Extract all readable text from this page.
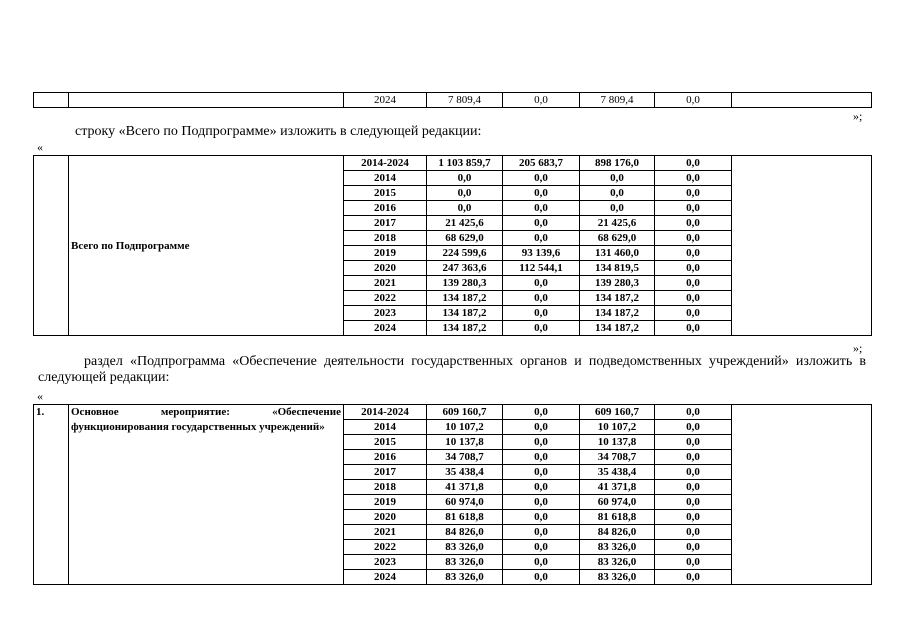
		2024	7 809,4	0,0	7 809,4	0,0	
»;
строку «Всего по Подпрограмме» изложить в следующей редакции:
«
	Всего по Подпрограмме	2014-2024	1 103 859,7	205 683,7	898 176,0	0,0	
		2014	0,0	0,0	0,0	0,0	
		2015	0,0	0,0	0,0	0,0	
		2016	0,0	0,0	0,0	0,0	
		2017	21 425,6	0,0	21 425,6	0,0	
		2018	68 629,0	0,0	68 629,0	0,0	
		2019	224 599,6	93 139,6	131 460,0	0,0	
		2020	247 363,6	112 544,1	134 819,5	0,0	
		2021	139 280,3	0,0	139 280,3	0,0	
		2022	134 187,2	0,0	134 187,2	0,0	
		2023	134 187,2	0,0	134 187,2	0,0	
		2024	134 187,2	0,0	134 187,2	0,0	
»;
раздел «Подпрограмма «Обеспечение деятельности государственных органов и подведомственных учреждений» изложить в следующей редакции:
«
1.	Основное мероприятие: «Обеспечение функционирования государственных учреждений»	2014-2024	609 160,7	0,0	609 160,7	0,0	
		2014	10 107,2	0,0	10 107,2	0,0	
		2015	10 137,8	0,0	10 137,8	0,0	
		2016	34 708,7	0,0	34 708,7	0,0	
		2017	35 438,4	0,0	35 438,4	0,0	
		2018	41 371,8	0,0	41 371,8	0,0	
		2019	60 974,0	0,0	60 974,0	0,0	
		2020	81 618,8	0,0	81 618,8	0,0	
		2021	84 826,0	0,0	84 826,0	0,0	
		2022	83 326,0	0,0	83 326,0	0,0	
		2023	83 326,0	0,0	83 326,0	0,0	
		2024	83 326,0	0,0	83 326,0	0,0	
